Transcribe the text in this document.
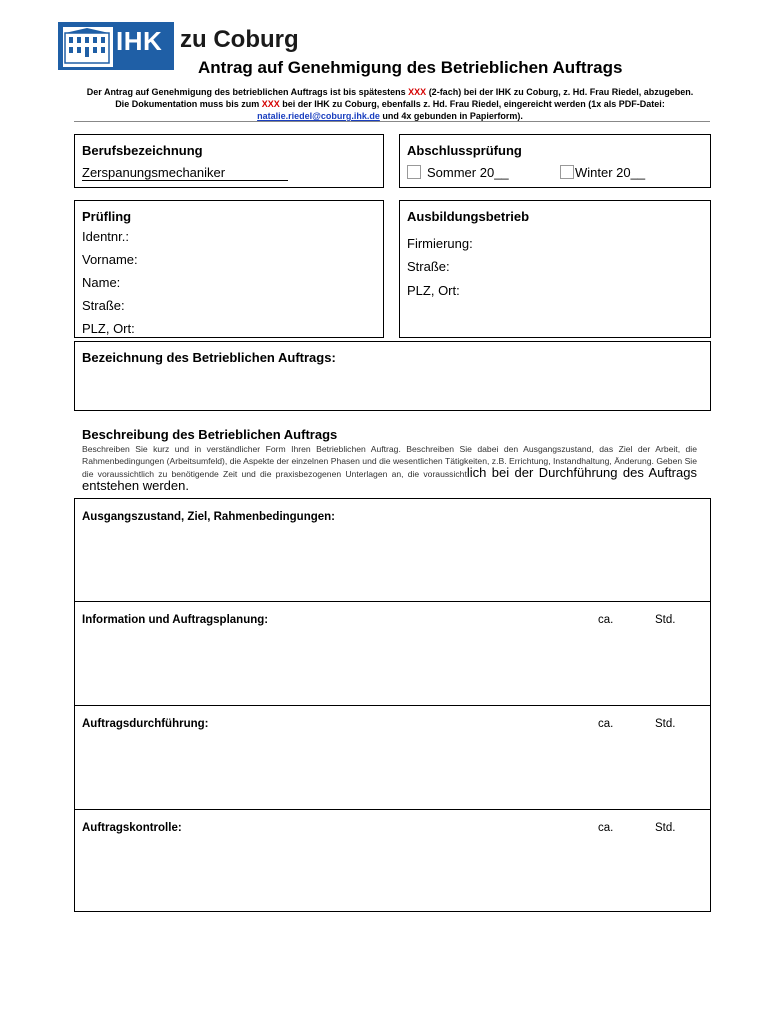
IHK zu Coburg
Antrag auf Genehmigung des Betrieblichen Auftrags
Der Antrag auf Genehmigung des betrieblichen Auftrags ist bis spätestens XXX (2-fach) bei der IHK zu Coburg, z. Hd. Frau Riedel, abzugeben. Die Dokumentation muss bis zum XXX bei der IHK zu Coburg, ebenfalls z. Hd. Frau Riedel, eingereicht werden (1x als PDF-Datei: natalie.riedel@coburg.ihk.de und 4x gebunden in Papierform).
Berufsbezeichnung
Zerspanungsmechaniker
Abschlussprüfung
Sommer 20__	Winter 20__
Prüfling
Identnr.:
Vorname:
Name:
Straße:
PLZ, Ort:
Ausbildungsbetrieb
Firmierung:
Straße:
PLZ, Ort:
Bezeichnung des Betrieblichen Auftrags:
Beschreibung des Betrieblichen Auftrags
Beschreiben Sie kurz und in verständlicher Form Ihren Betrieblichen Auftrag. Beschreiben Sie dabei den Ausgangszustand, das Ziel der Arbeit, die Rahmenbedingungen (Arbeitsumfeld), die Aspekte der einzelnen Phasen und die wesentlichen Tätigkeiten, z.B. Errichtung, Instandhaltung, Änderung. Geben Sie die voraussichtlich zu benötigende Zeit und die praxisbezogenen Unterlagen an, die voraussichtlich bei der Durchführung des Auftrags entstehen werden.
Ausgangszustand, Ziel, Rahmenbedingungen:
Information und Auftragsplanung:	ca.	Std.
Auftragsdurchführung:	ca.	Std.
Auftragskontrolle:	ca.	Std.
